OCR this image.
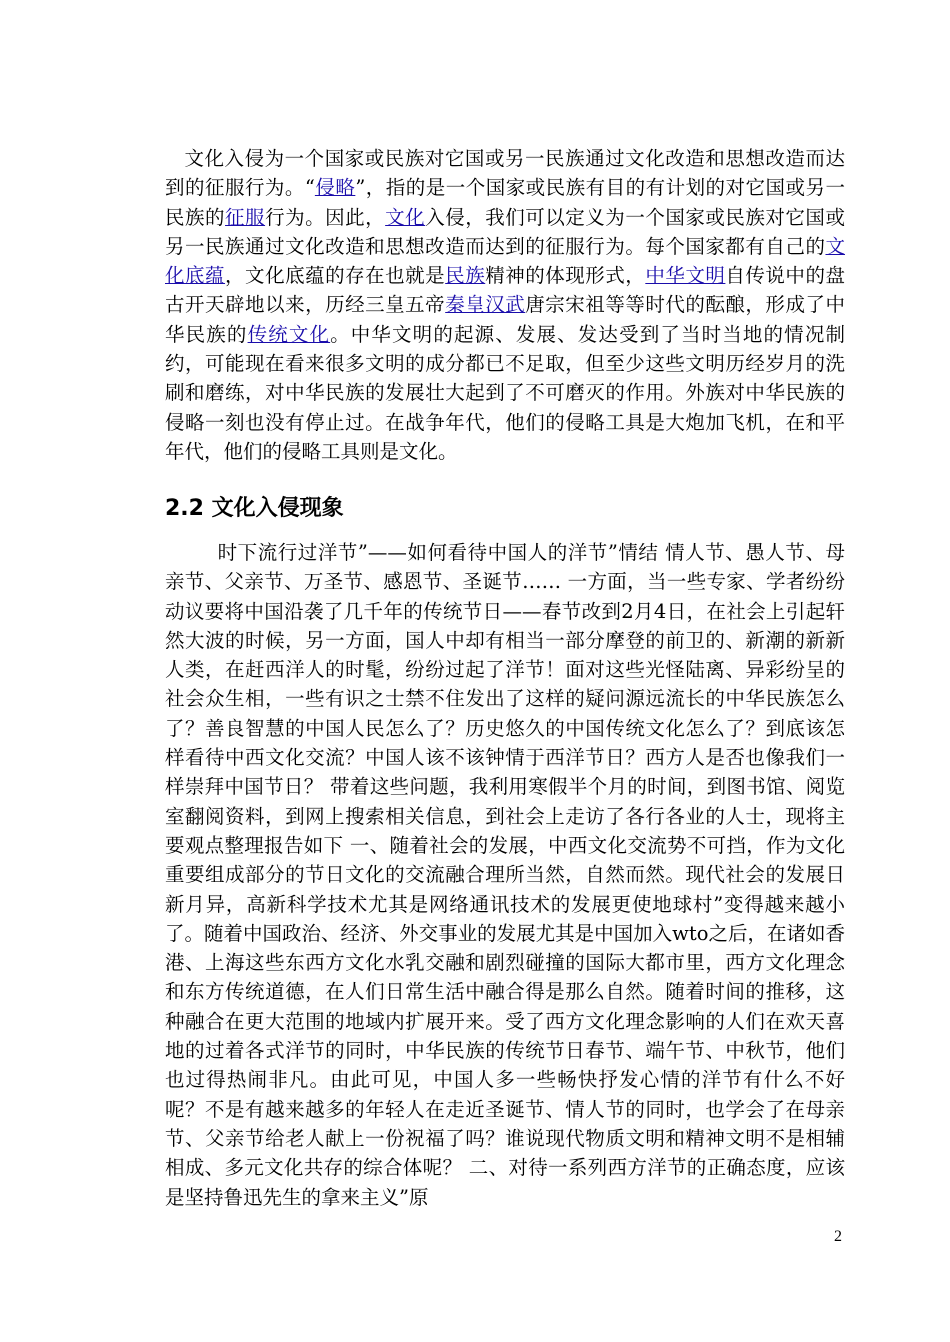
文化入侵为一个国家或民族对它国或另一民族通过文化改造和思想改造而达到的征服行为。“侵略”，指的是一个国家或民族有目的有计划的对它国或另一民族的征服行为。因此，文化入侵，我们可以定义为一个国家或民族对它国或另一民族通过文化改造和思想改造而达到的征服行为。每个国家都有自己的文化底蕴，文化底蕴的存在也就是民族精神的体现形式，中华文明自传说中的盘古开天辟地以来，历经三皇五帝秦皇汉武唐宗宋祖等等时代的酝酿，形成了中华民族的传统文化。中华文明的起源、发展、发达受到了当时当地的情况制约，可能现在看来很多文明的成分都已不足取，但至少这些文明历经岁月的洗刷和磨练，对中华民族的发展壮大起到了不可磨灭的作用。外族对中华民族的侵略一刻也没有停止过。在战争年代，他们的侵略工具是大炮加飞机，在和平年代，他们的侵略工具则是文化。

2.2 文化入侵现象

时下流行过洋节”——如何看待中国人的洋节”情结 情人节、愚人节、母亲节、父亲节、万圣节、感恩节、圣诞节…… 一方面，当一些专家、学者纷纷动议要将中国沿袭了几千年的传统节日——春节改到2月4日，在社会上引起轩然大波的时候，另一方面，国人中却有相当一部分摩登的前卫的、新潮的新新人类，在赶西洋人的时髦，纷纷过起了洋节！面对这些光怪陆离、异彩纷呈的社会众生相，一些有识之士禁不住发出了这样的疑问源远流长的中华民族怎么了？善良智慧的中国人民怎么了？历史悠久的中国传统文化怎么了？到底该怎样看待中西文化交流？中国人该不该钟情于西洋节日？西方人是否也像我们一样崇拜中国节日？ 带着这些问题，我利用寒假半个月的时间，到图书馆、阅览室翻阅资料，到网上搜索相关信息，到社会上走访了各行各业的人士，现将主要观点整理报告如下 一、随着社会的发展，中西文化交流势不可挡，作为文化重要组成部分的节日文化的交流融合理所当然，自然而然。现代社会的发展日新月异，高新科学技术尤其是网络通讯技术的发展更使地球村”变得越来越小了。随着中国政治、经济、外交事业的发展尤其是中国加入wto之后，在诸如香港、上海这些东西方文化水乳交融和剧烈碰撞的国际大都市里，西方文化理念和东方传统道德，在人们日常生活中融合得是那么自然。随着时间的推移，这种融合在更大范围的地域内扩展开来。受了西方文化理念影响的人们在欢天喜地的过着各式洋节的同时，中华民族的传统节日春节、端午节、中秋节，他们也过得热闹非凡。由此可见，中国人多一些畅快抒发心情的洋节有什么不好呢？不是有越来越多的年轻人在走近圣诞节、情人节的同时，也学会了在母亲节、父亲节给老人献上一份祝福了吗？谁说现代物质文明和精神文明不是相辅相成、多元文化共存的综合体呢？ 二、对待一系列西方洋节的正确态度，应该是坚持鲁迅先生的拿来主义”原

2
